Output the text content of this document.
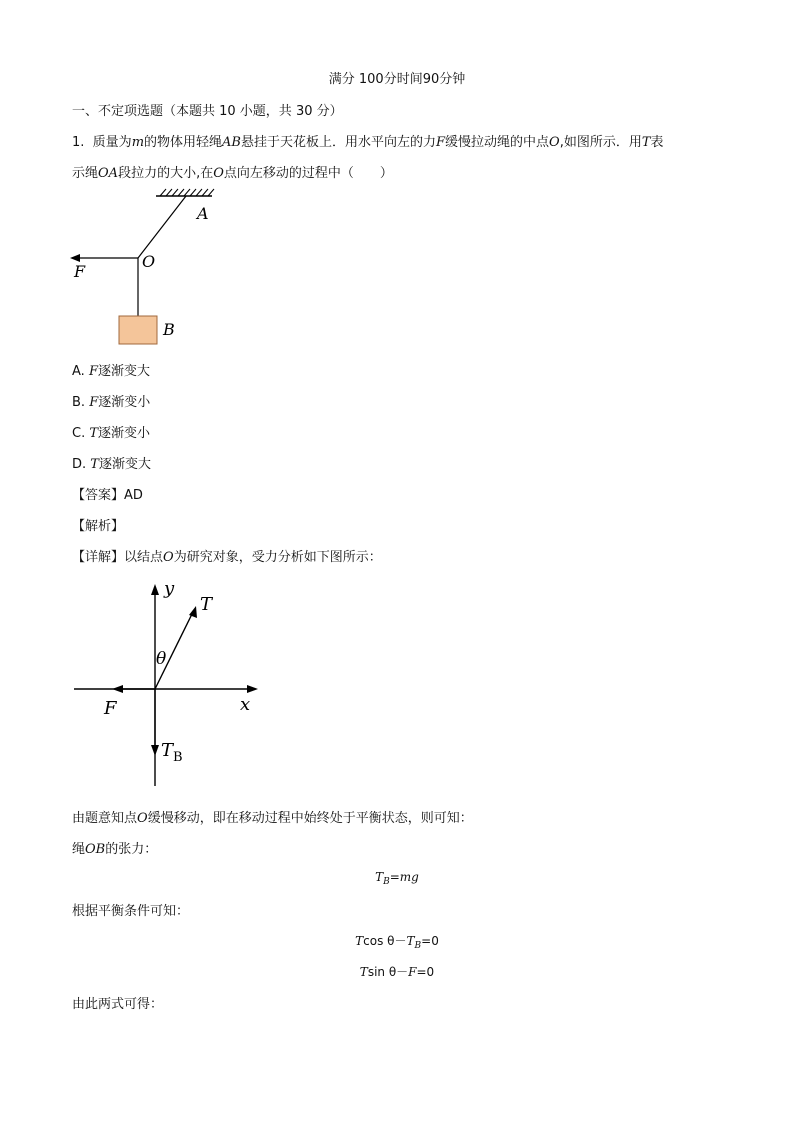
满分 100分时间90分钟
一、不定项选题（本题共 10 小题，共 30 分）
1. 质量为m的物体用轻绳AB悬挂于天花板上．用水平向左的力F缓慢拉动绳的中点O,如图所示．用T表
示绳OA段拉力的大小,在O点向左移动的过程中（　　）
A
O
F
B
A. F逐渐变大
B. F逐渐变小
C. T逐渐变小
D. T逐渐变大
【答案】AD
【解析】
【详解】以结点O为研究对象，受力分析如下图所示：
y
T
θ
F	x
$T_B$
由题意知点O缓慢移动，即在移动过程中始终处于平衡状态，则可知：
绳OB的张力：
$T_B=mg$
根据平衡条件可知：
Tcos $\theta-T_B=0$
Tsin θ－F=0
由此两式可得：
